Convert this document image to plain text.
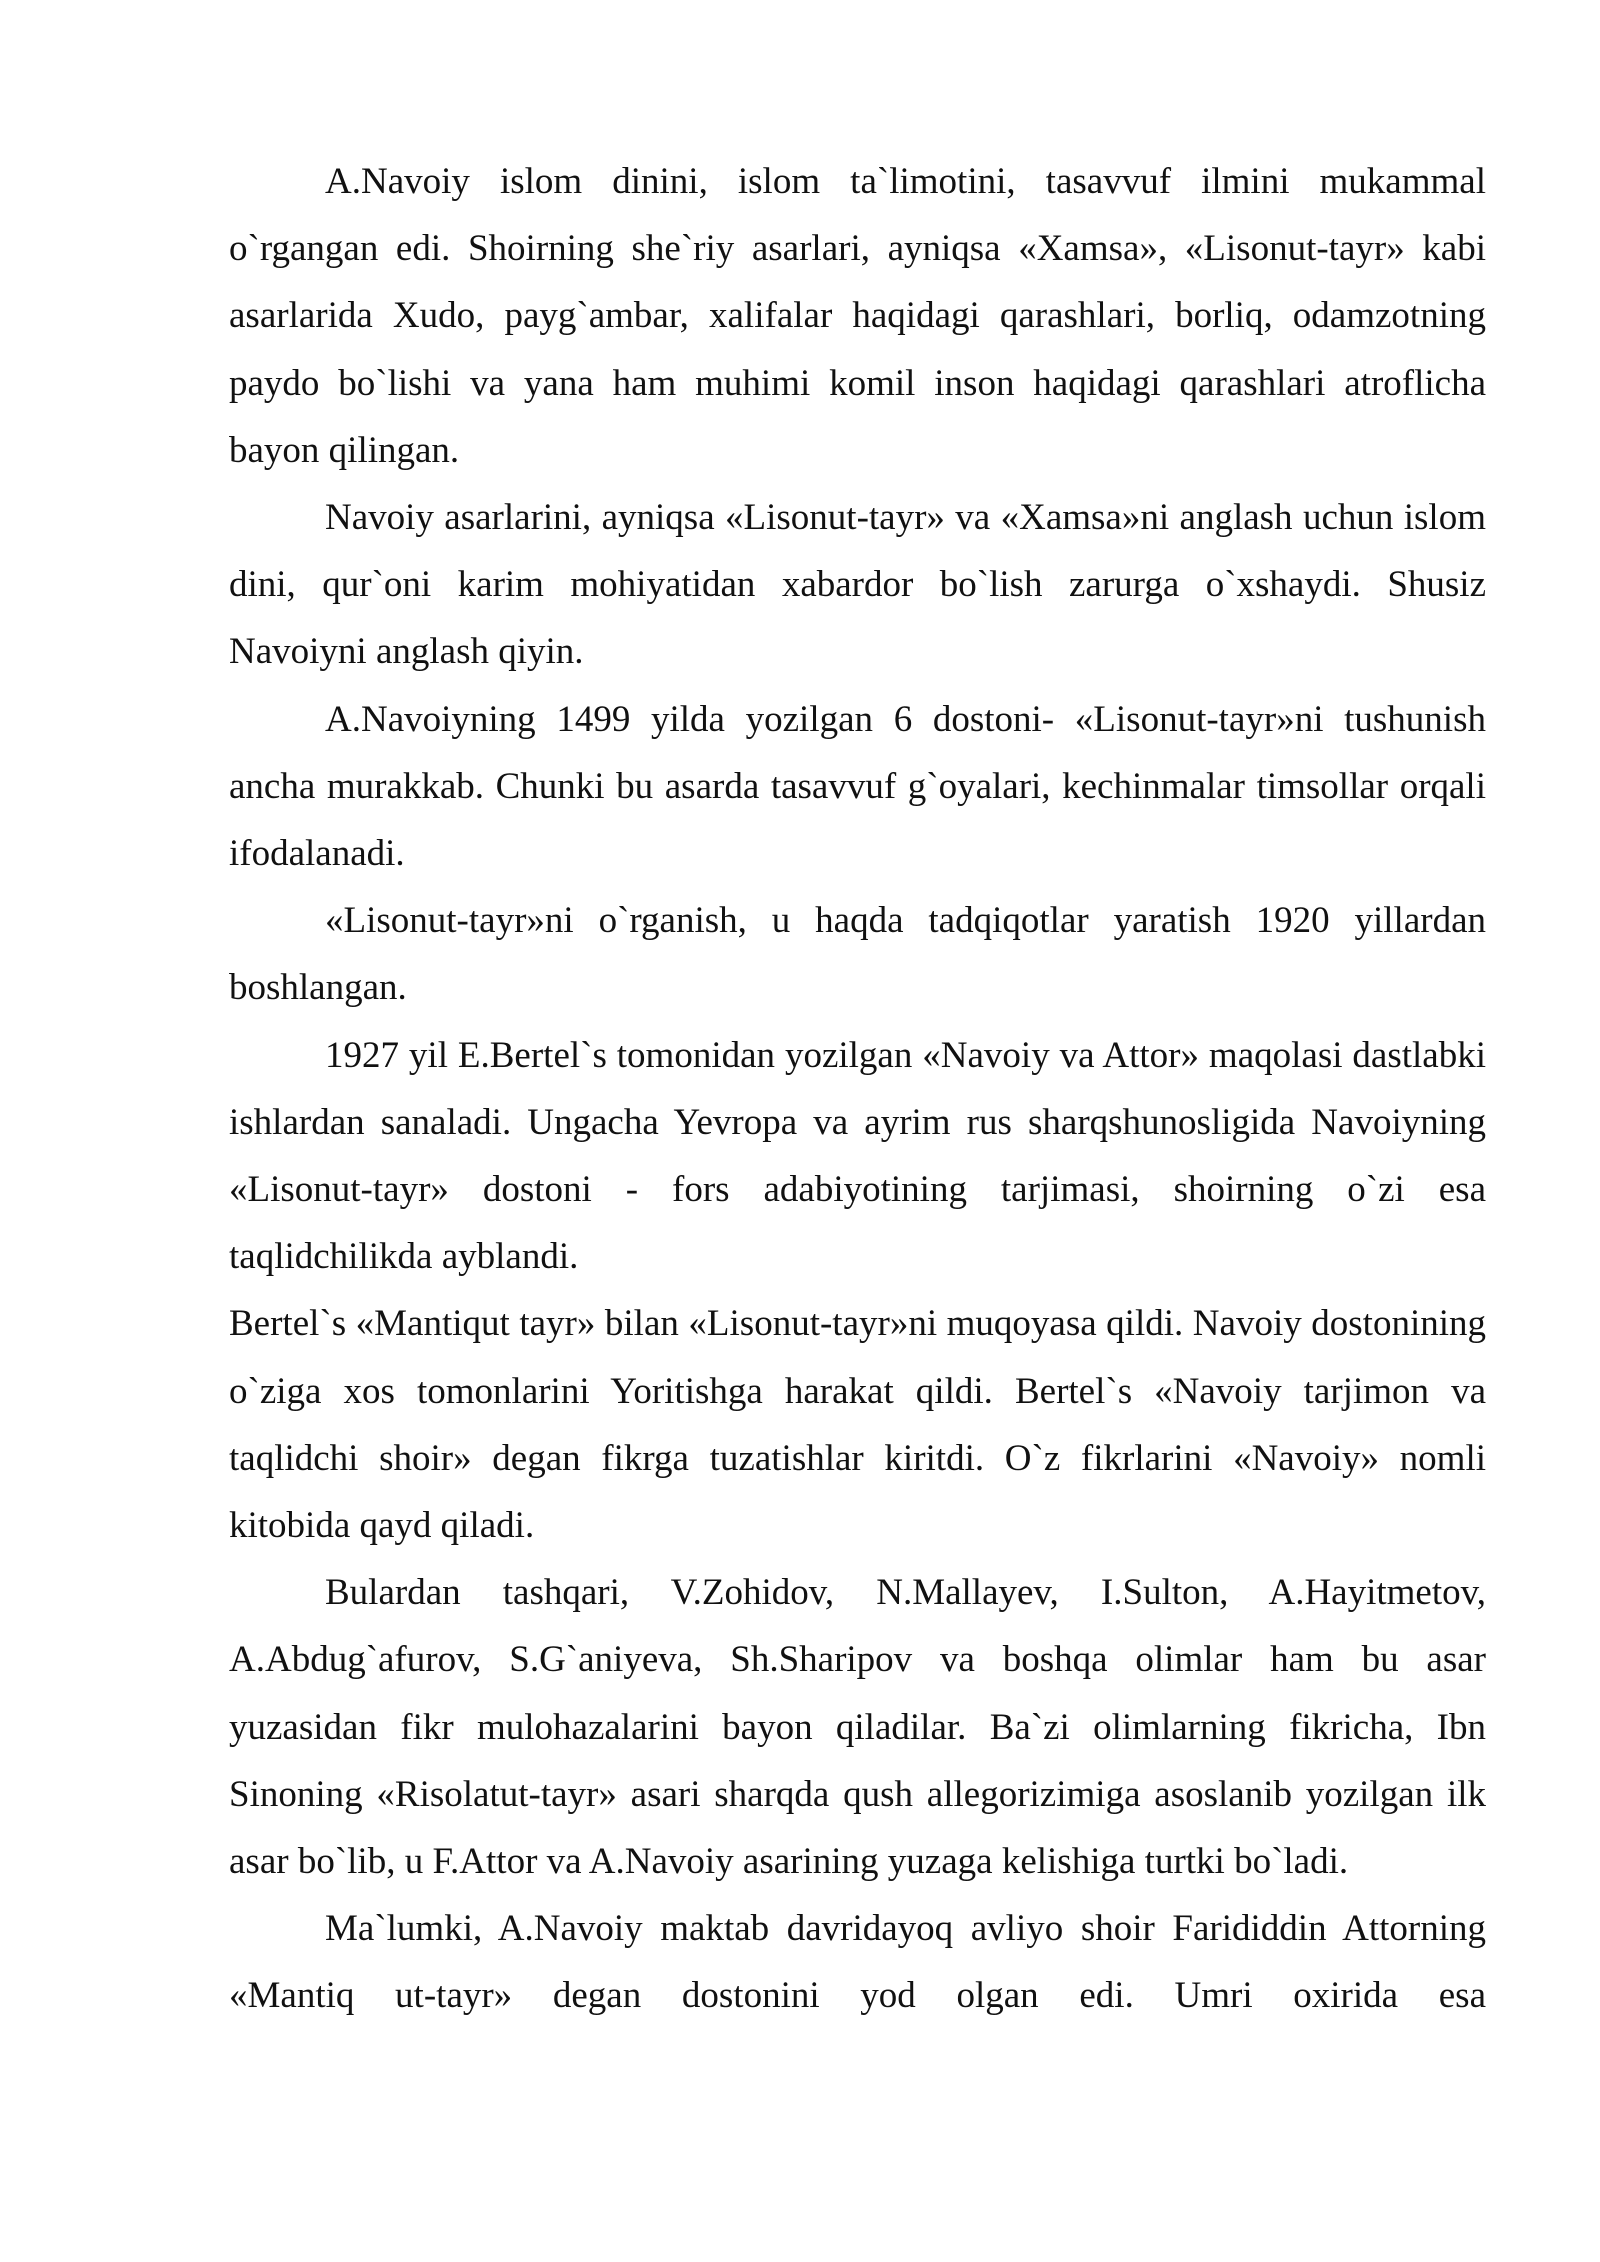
A.Navoiy islom dinini, islom ta`limotini, tasavvuf ilmini mukammal o`rgangan edi. Shoirning she`riy asarlari, ayniqsa «Xamsa», «Lisonut-tayr» kabi asarlarida Xudo, payg`ambar, xalifalar haqidagi qarashlari, borliq, odamzotning paydo bo`lishi va yana ham muhimi komil inson haqidagi qarashlari atroflicha bayon qilingan.

Navoiy asarlarini, ayniqsa «Lisonut-tayr» va «Xamsa»ni anglash uchun islom dini, qur`oni karim mohiyatidan xabardor bo`lish zarurga o`xshaydi. Shusiz Navoiyni anglash qiyin.

A.Navoiyning 1499 yilda yozilgan 6 dostoni- «Lisonut-tayr»ni tushunish ancha murakkab. Chunki bu asarda tasavvuf g`oyalari, kechinmalar timsollar orqali ifodalanadi.

«Lisonut-tayr»ni o`rganish, u haqda tadqiqotlar yaratish 1920 yillardan boshlangan.

1927 yil E.Bertel`s tomonidan yozilgan «Navoiy va Attor» maqolasi dastlabki ishlardan sanaladi. Ungacha Yevropa va ayrim rus sharqshunosligida Navoiyning «Lisonut-tayr» dostoni - fors adabiyotining tarjimasi, shoirning o`zi esa taqlidchilikda ayblandi.

Bertel`s «Mantiqut tayr» bilan «Lisonut-tayr»ni muqoyasa qildi. Navoiy dostonining o`ziga xos tomonlarini Yoritishga harakat qildi. Bertel`s «Navoiy tarjimon va taqlidchi shoir» degan fikrga tuzatishlar kiritdi. O`z fikrlarini «Navoiy» nomli kitobida qayd qiladi.

Bulardan tashqari, V.Zohidov, N.Mallayev, I.Sulton, A.Hayitmetov, A.Abdug`afurov, S.G`aniyeva, Sh.Sharipov va boshqa olimlar ham bu asar yuzasidan fikr mulohazalarini bayon qiladilar. Ba`zi olimlarning fikricha, Ibn Sinoning «Risolatut-tayr» asari sharqda qush allegorizimiga asoslanib yozilgan ilk asar bo`lib, u F.Attor va A.Navoiy asarining yuzaga kelishiga turtki bo`ladi.

Ma`lumki, A.Navoiy maktab davridayoq avliyo shoir Farididdin Attorning «Mantiq ut-tayr» degan dostonini yod olgan edi. Umri oxirida esa
